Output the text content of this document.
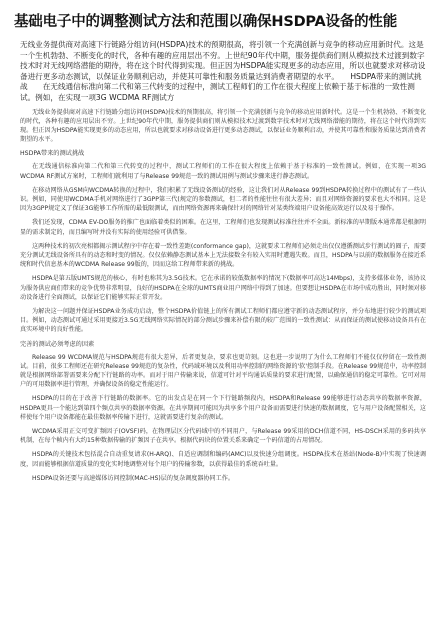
基础电子中的调整测试方法和范围以确保HSDPA设备的性能
无线业务提供商对高速下行链路分组访问(HSDPA)技术的预期很高，将引领一个充满创新与竞争的移动应用新时代。这是一个生机勃勃、不断变化的时代，各种有趣的应用层出不穷。上世纪90年代中期，服务提供商们则从模拟技术过渡到数字技术时对无线网络潜能的期待，将在这个时代得到实现。但正因为HSDPA能实现更多的动态应用，所以也就要求对移动设备进行更多动态测试，以保证业务顺利启动，并使其可靠性和服务质量达到消费者期望的水平。　　HSDPA带来的测试挑战　　在无线通信标准向第二代和第三代转变的过程中，测试工程师们的工作在很大程度上依赖于基于标准的一致性测试。例如，在实现一项3G WCDMA RF测试方
无线业务提供商对高速下行链路分组访问(HSDPA)技术的预期很高，将引领一个充满创新与竞争的移动应用新时代。这是一个生机勃勃、不断变化的时代，各种有趣的应用层出不穷。上世纪90年代中期，服务提供商们则从模拟技术过渡到数字技术时对无线网络潜能的期待，将在这个时代得到实现。但正因为HSDPA能实现更多的动态应用，所以也就要求对移动设备进行更多动态测试，以保证业务顺利启动，并使其可靠性和服务质量达到消费者期望的水平。
HSDPA带来的测试挑战
在无线通信标准向第二代和第三代转变的过程中，测试工程师们的工作在很大程度上依赖于基于标准的一致性测试。例如，在实现一项3G WCDMA RF测试方案时，工程师们就利用了与Release 99规范一致的测试用例与测试步骤来进行静态测试。
在移动网络从GSM向WCDMA转换的过程中，我们积累了无线设备测试的经验，这让我们对从Release 99到HSDPA转换过程中的测试有了一些认识。例如，同使用WCDMA手机对网络进行了3GPP第三代(规定的参数测试，但二者的性能往往有很大差异；而且对网络资源的要求也大不相同。这是因为3GPP规定义了保证3G能够工作所需的最低限测试，而由网络资源再来确保针对的网络针对某类终端用户设备能高效运行以及易于操作。
我们还发现，CDMA EV-DO服务的推广也面临着类似的困难。在这里，工程师们也发现测试标准往往并不全面。新标准的早期版本通常都是根据明显的需求制定的，而且编写时并没有实际的使用经验可供借鉴。
这两种技术的初次亮相都揭示测试程序中存在着一致性差距(conformance gap)，这就要求工程师们必须走出仅仅遵循测试步行测试的圈子，需要充分测试无线设备所具有的动态和时变的情况。仅仅依赖静态测试基本上无法接数全有较入实用时遭遇失败。而且，HSDPA与以前的数据服务在接近系统和时代信息基本的WCDMA Release 99版的，因而这给工程师带来新的挑战。
HSDPA是第五版UMTS规范的核心，有时也称其为3.5G技术。它在承诺的较低数据率的情况下(数据率可高达14Mbps)，支持多媒体业务，该协议为服务供应商们带来的竞争优势非常明显，良好的HSDPA在全球的UMTS商业用户网络中得到了加速。但要想让HSDPA在市场中成功胜出，同时须对移动设备进行全面测试，以保证它们能够实际正常开发。
为解决这一问题并保证HSDPA业务成功启动，整个HSDPA价值链上的所有测试工程师们都应遵守新的动态测试程序，并分布地进行较少的测试项目。例如，动态测试可通过采用更接近3.5G无线网络实际情况的部分测试步骤来补偿有限的较广范围的一致性测试：从而保证的测试使移动设备具有在真实环境中的良好性能。
完善的测试必须考虑的因素
Release 99 WCDMA规范与HSDPA规范有很大差异，后者更复杂，要求也更苛刻。这也进一步说明了为什么工程师们不能仅仅停留在一致性测试。目前，很多工程师还在研究Release 99规范的复杂性，代码域环境以及利用功率控制的网络资源的'软'控制手段。在Release 99规范中，功率控制就是根据网络部署需要来分配下行链路的功率。而对于用户传输来说，信道可针对平均通话质量的要求进行配置，以确保通信的稳定可靠性。它可对用户的可用数据率进行管理，并确保设备的稳定性能运行。
HSDPA的目的在于改善下行链路的数据率。它的出发点是在同一个下行链路频段内，HSDPA和Release 99能够进行动态共享的数据率资源，HSDPA更具一个能达到第四个频点共享的数据率资源。在共享期间可能因为共享多个用户设备而需要进行快速的数据调度，它与用户设备配置相关，这样使每个用户设备都能在最佳数据率传输下进行，这就需要进行复杂的测试。
WCDMA采用正交可变扩频因子(OVSF)码，在物理层区分代码域中的不同用户，与Release 99采用的DCH信道不同，HS-DSCH采用的多码共享机制，在每个帧内有大约15种数据传输的扩频因子在共享。根据代码块的位置关系来确定一个码信道的占用情况。
HSDPA的关键技术包括混合自动重复请求(H-ARQ)、自适应调制和编码(AMC)以及快速分组调度。HSDPA技术在基站(Node-B)中实现了快速调度，因而能够根据信道质量的变化实时地调整对每个用户的传输参数，以获得最佳的系统吞吐量。
HSDPA设备还要与高速媒体访问控制(MAC-HS)层的复杂调度器协同工作。
